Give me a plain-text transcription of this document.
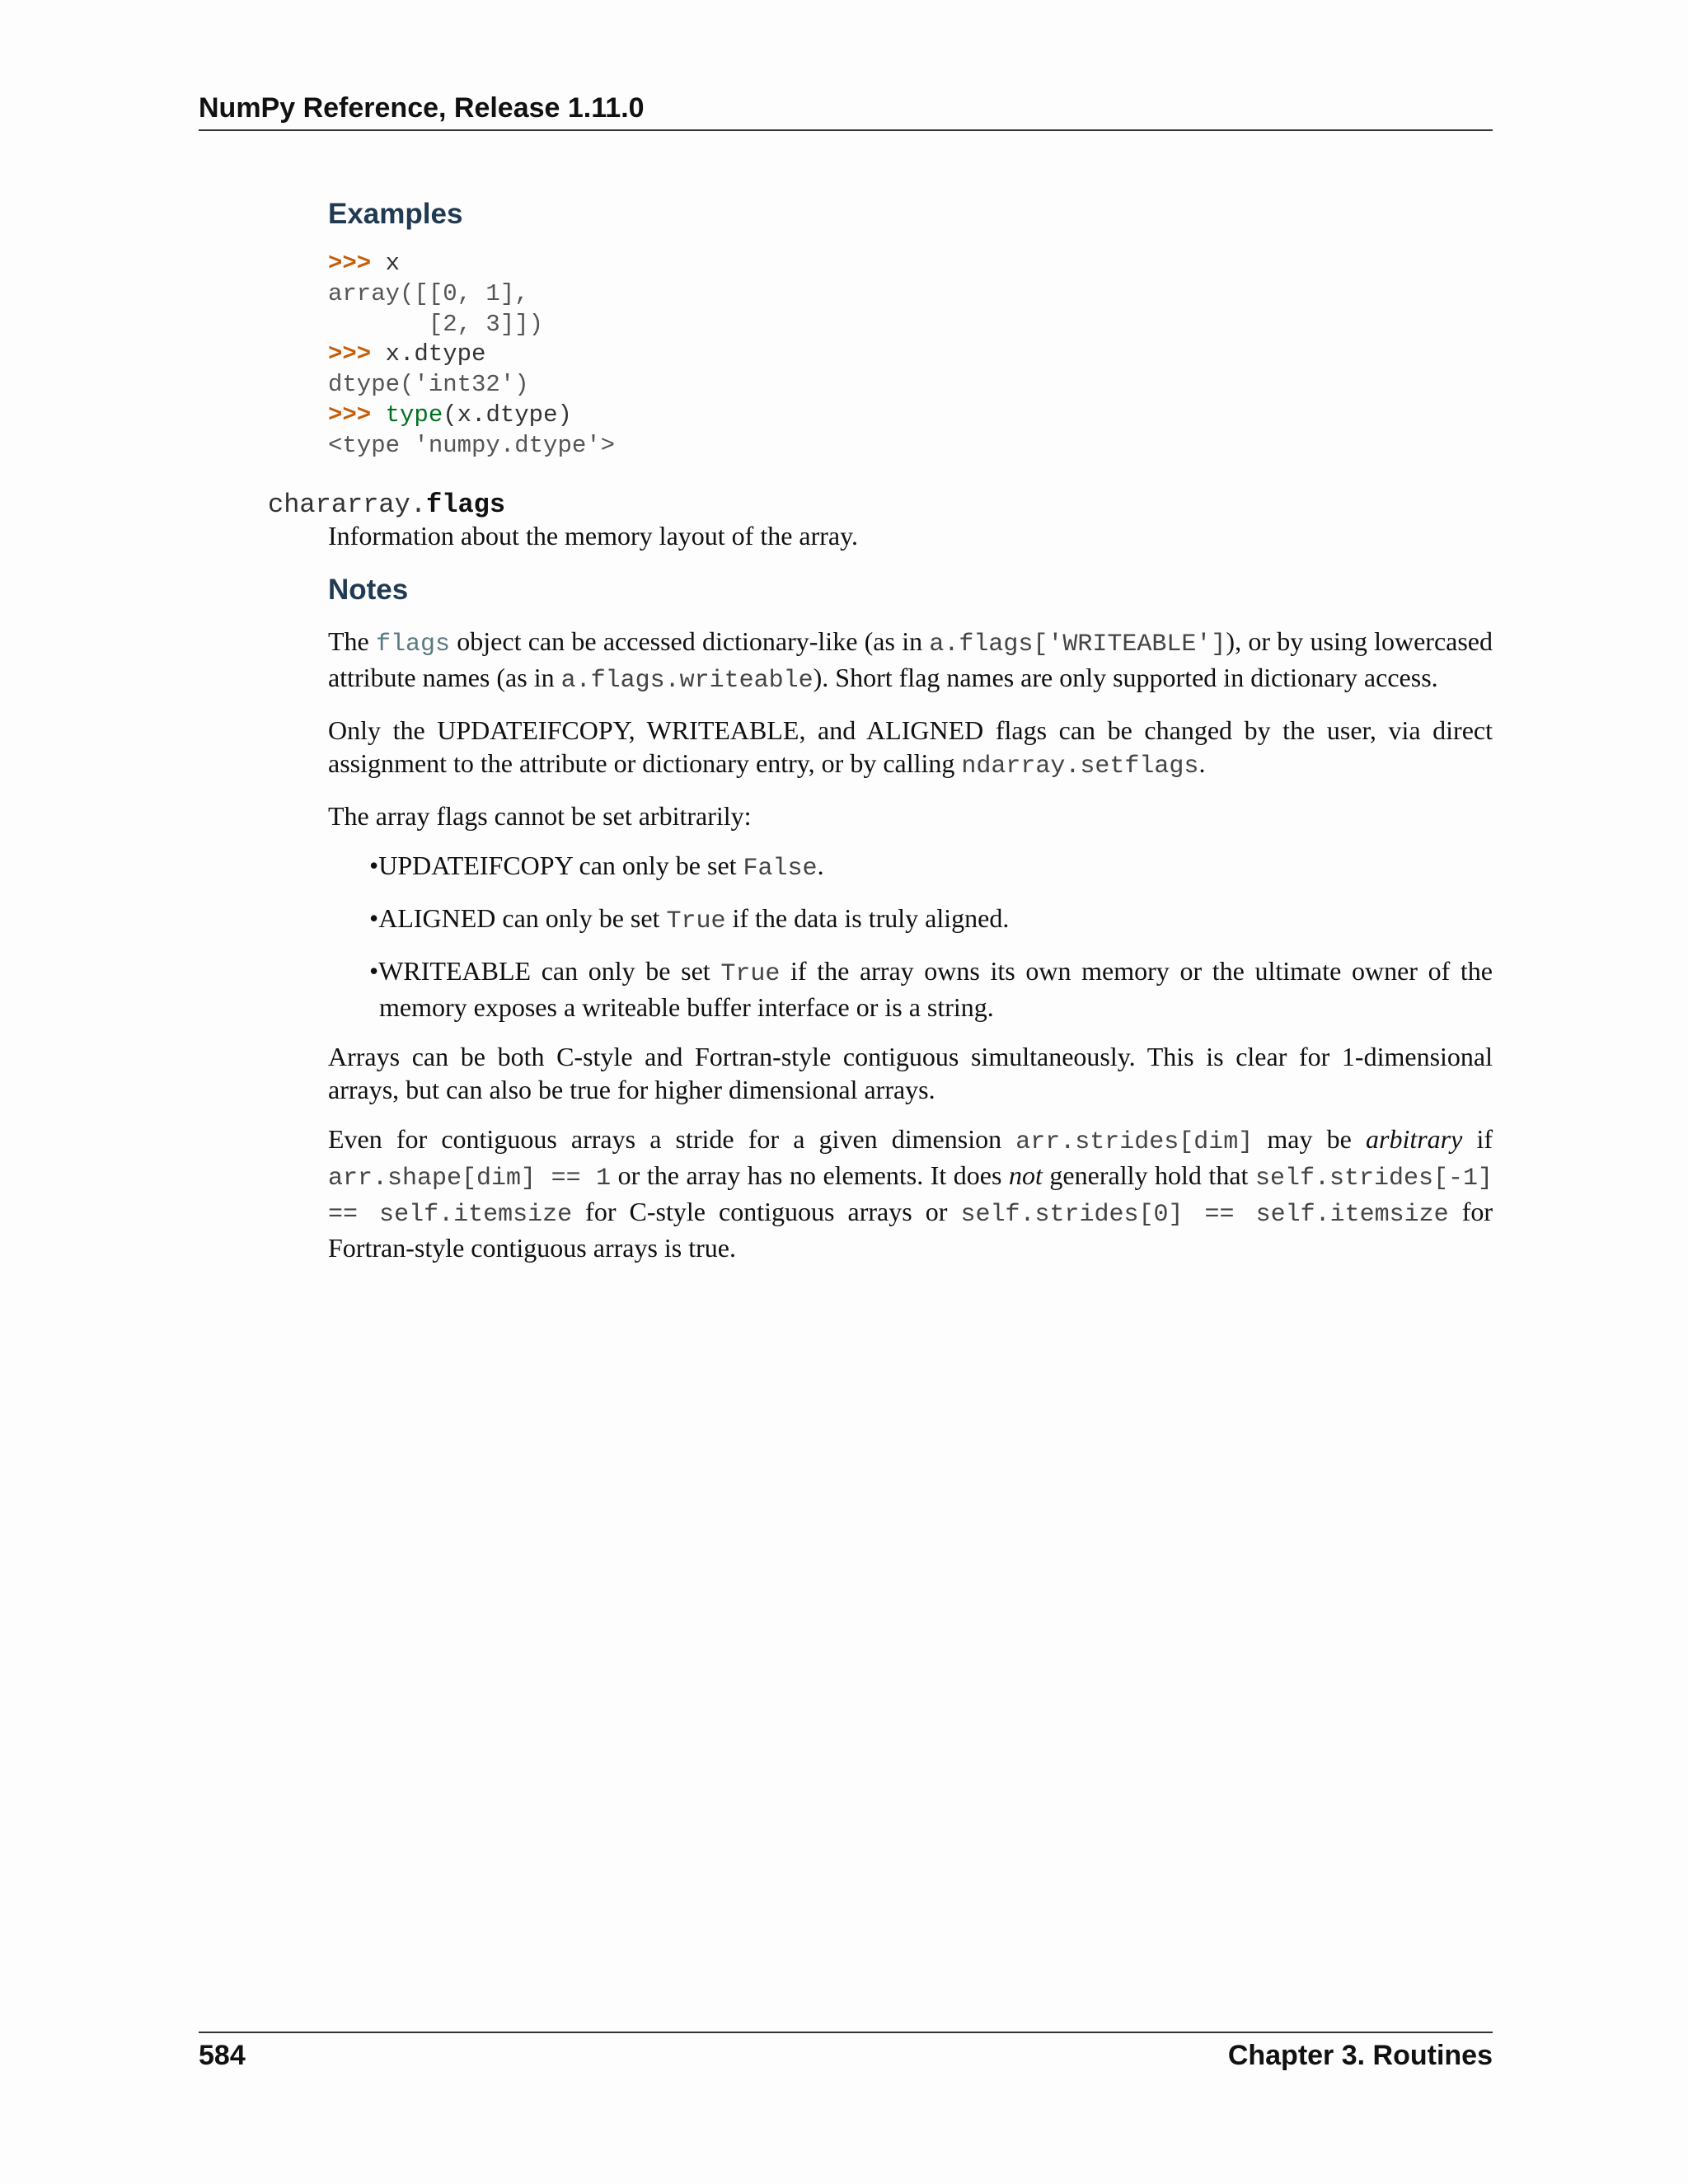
NumPy Reference, Release 1.11.0
Examples
>>> x
array([[0, 1],
[2, 3]])
>>> x.dtype
dtype('int32')
>>> type(x.dtype)
<type 'numpy.dtype'>
chararray.flags

Information about the memory layout of the array.

Notes

The flags object can be accessed dictionary-like (as in a.flags['WRITEABLE']), or by using lowercased attribute names (as in a.flags.writeable). Short flag names are only supported in dictionary access.

Only the UPDATEIFCOPY, WRITEABLE, and ALIGNED flags can be changed by the user, via direct assignment to the attribute or dictionary entry, or by calling ndarray.setflags.

The array flags cannot be set arbitrarily:

•UPDATEIFCOPY can only be set False.
•ALIGNED can only be set True if the data is truly aligned.
•WRITEABLE can only be set True if the array owns its own memory or the ultimate owner of the memory exposes a writeable buffer interface or is a string.

Arrays can be both C-style and Fortran-style contiguous simultaneously. This is clear for 1-dimensional arrays, but can also be true for higher dimensional arrays.

Even for contiguous arrays a stride for a given dimension arr.strides[dim] may be arbitrary if arr.shape[dim] == 1 or the array has no elements. It does not generally hold that self.strides[-1] == self.itemsize for C-style contiguous arrays or self.strides[0] == self.itemsize for Fortran-style contiguous arrays is true.

584	Chapter 3. Routines
